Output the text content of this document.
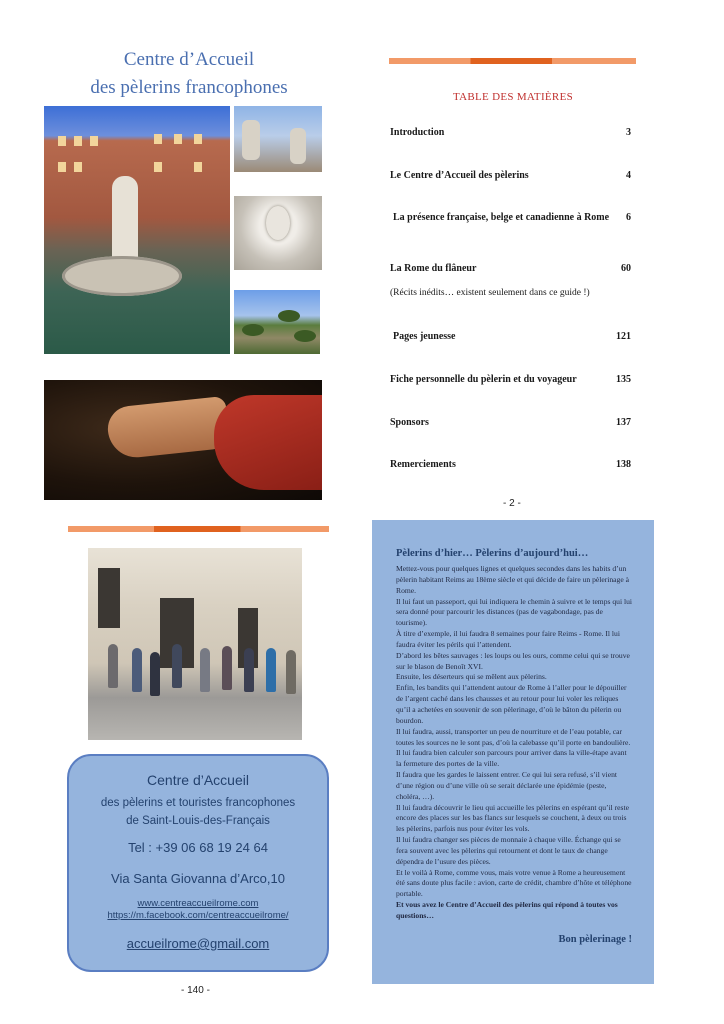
Centre d’Accueil
des pèlerins francophones	TABLE DES MATIÈRES
Introduction	3
Le Centre d’Accueil des pèlerins	4
La présence française, belge et canadienne à Rome 6
La Rome du flâneur	60
(Récits inédits… existent seulement dans ce guide !)
Pages jeunesse	121
Fiche personnelle du pèlerin et du voyageur	135
Sponsors	137
Remerciements	138
- 2 -
Centre d’Accueil
des pèlerins et touristes francophones
de Saint-Louis-des-Français
Tel : +39 06 68 19 24 64
Via Santa Giovanna d’Arco,10
www.centreaccueilrome.com
https://m.facebook.com/centreaccueilrome/
accueilrome@gmail.com
- 140 -
Pèlerins d’hier… Pèlerins d’aujourd’hui…
Mettez-vous pour quelques lignes et quelques secondes dans les habits d’un pèlerin habitant Reims au 18ème siècle et qui décide de faire un pèlerinage à Rome.
Il lui faut un passeport, qui lui indiquera le chemin à suivre et le temps qui lui sera donné pour parcourir les distances (pas de vagabondage, pas de tourisme).
À titre d’exemple, il lui faudra 8 semaines pour faire Reims - Rome. Il lui faudra éviter les périls qui l’attendent.
D’abord les bêtes sauvages : les loups ou les ours, comme celui qui se trouve sur le blason de Benoît XVI.
Ensuite, les déserteurs qui se mêlent aux pèlerins.
Enfin, les bandits qui l’attendent autour de Rome à l’aller pour le dépouiller de l’argent caché dans les chausses et au retour pour lui voler les reliques qu’il a achetées en souvenir de son pèlerinage, d’où le bâton du pèlerin ou bourdon.
Il lui faudra, aussi, transporter un peu de nourriture et de l’eau potable, car toutes les sources ne le sont pas, d’où la calebasse qu’il porte en bandoulière.
Il lui faudra bien calculer son parcours pour arriver dans la ville-étape avant la fermeture des portes de la ville.
Il faudra que les gardes le laissent entrer. Ce qui lui sera refusé, s’il vient d’une région ou d’une ville où se serait déclarée une épidémie (peste, choléra, …).
Il lui faudra découvrir le lieu qui accueille les pèlerins en espérant qu’il reste encore des places sur les bas flancs sur lesquels se couchent, à deux ou trois les pèlerins, parfois nus pour éviter les vols.
Il lui faudra changer ses pièces de monnaie à chaque ville. Échange qui se fera souvent avec les pèlerins qui retournent et dont le taux de change dépendra de l’usure des pièces.
Et le voilà à Rome, comme vous, mais votre venue à Rome a heureusement été sans doute plus facile : avion, carte de crédit, chambre d’hôte et téléphone portable.
Et vous avez le Centre d’Accueil des pèlerins qui répond à toutes vos questions…
Bon pèlerinage !
